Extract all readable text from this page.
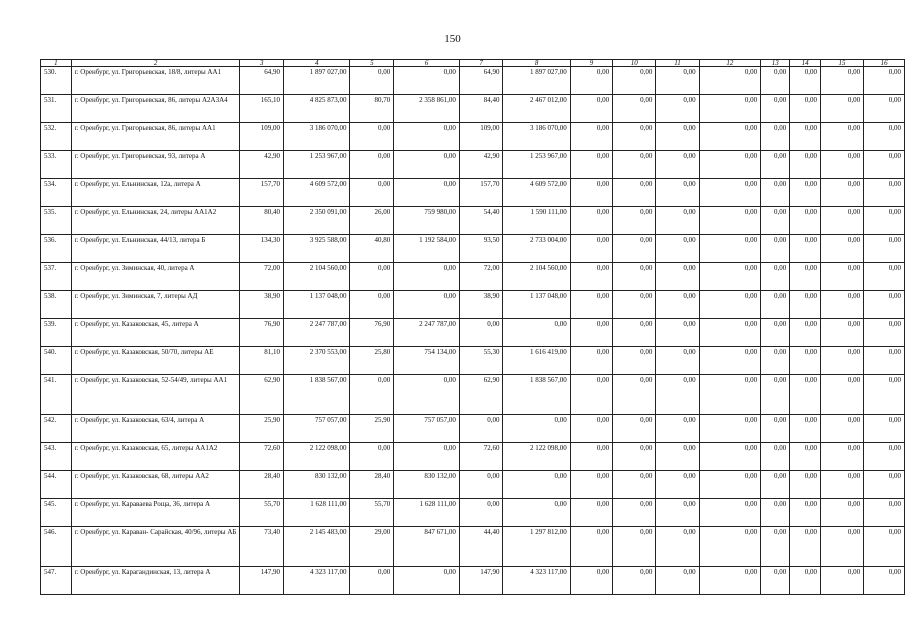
150
1	2	3	4	5	6	7	8	9	10	11	12	13	14	15	16
530.	г. Оренбург, ул. Григорьевская, 18/8, литеры АА1	64,90	1 897 027,00	0,00	0,00	64,90	1 897 027,00	0,00	0,00	0,00	0,00	0,00	0,00	0,00	0,00
531.	г. Оренбург, ул. Григорьевская, 86, литеры А2А3А4	165,10	4 825 873,00	80,70	2 358 861,00	84,40	2 467 012,00	0,00	0,00	0,00	0,00	0,00	0,00	0,00	0,00
532.	г. Оренбург, ул. Григорьевская, 86, литеры АА1	109,00	3 186 070,00	0,00	0,00	109,00	3 186 070,00	0,00	0,00	0,00	0,00	0,00	0,00	0,00	0,00
533.	г. Оренбург, ул. Григорьевская, 93, литера А	42,90	1 253 967,00	0,00	0,00	42,90	1 253 967,00	0,00	0,00	0,00	0,00	0,00	0,00	0,00	0,00
534.	г. Оренбург, ул. Ельнинская, 12а, литера А	157,70	4 609 572,00	0,00	0,00	157,70	4 609 572,00	0,00	0,00	0,00	0,00	0,00	0,00	0,00	0,00
535.	г. Оренбург, ул. Ельнинская, 24, литеры АА1А2	80,40	2 350 091,00	26,00	759 980,00	54,40	1 590 111,00	0,00	0,00	0,00	0,00	0,00	0,00	0,00	0,00
536.	г. Оренбург, ул. Ельнинская, 44/13, литера Б	134,30	3 925 588,00	40,80	1 192 584,00	93,50	2 733 004,00	0,00	0,00	0,00	0,00	0,00	0,00	0,00	0,00
537.	г. Оренбург, ул. Зиминская, 40, литера А	72,00	2 104 560,00	0,00	0,00	72,00	2 104 560,00	0,00	0,00	0,00	0,00	0,00	0,00	0,00	0,00
538.	г. Оренбург, ул. Зиминская, 7, литеры АД	38,90	1 137 048,00	0,00	0,00	38,90	1 137 048,00	0,00	0,00	0,00	0,00	0,00	0,00	0,00	0,00
539.	г. Оренбург, ул. Казаковская, 45, литера А	76,90	2 247 787,00	76,90	2 247 787,00	0,00	0,00	0,00	0,00	0,00	0,00	0,00	0,00	0,00	0,00
540.	г. Оренбург, ул. Казаковская, 50/70, литеры АЕ	81,10	2 370 553,00	25,80	754 134,00	55,30	1 616 419,00	0,00	0,00	0,00	0,00	0,00	0,00	0,00	0,00
541.	г. Оренбург, ул. Казаковская, 52-54/49, литеры АА1	62,90	1 838 567,00	0,00	0,00	62,90	1 838 567,00	0,00	0,00	0,00	0,00	0,00	0,00	0,00	0,00
542.	г. Оренбург, ул. Казаковская, 63/4, литера А	25,90	757 057,00	25,90	757 057,00	0,00	0,00	0,00	0,00	0,00	0,00	0,00	0,00	0,00	0,00
543.	г. Оренбург, ул. Казаковская, 65, литеры АА1А2	72,60	2 122 098,00	0,00	0,00	72,60	2 122 098,00	0,00	0,00	0,00	0,00	0,00	0,00	0,00	0,00
544.	г. Оренбург, ул. Казаковская, 68, литеры АА2	28,40	830 132,00	28,40	830 132,00	0,00	0,00	0,00	0,00	0,00	0,00	0,00	0,00	0,00	0,00
545.	г. Оренбург, ул. Караваева Роща, 36, литера А	55,70	1 628 111,00	55,70	1 628 111,00	0,00	0,00	0,00	0,00	0,00	0,00	0,00	0,00	0,00	0,00
546.	г. Оренбург, ул. Караван- Сарайская, 40/96, литеры АБ	73,40	2 145 483,00	29,00	847 671,00	44,40	1 297 812,00	0,00	0,00	0,00	0,00	0,00	0,00	0,00	0,00
547.	г. Оренбург, ул. Карагандинская, 13, литера А	147,90	4 323 117,00	0,00	0,00	147,90	4 323 117,00	0,00	0,00	0,00	0,00	0,00	0,00	0,00	0,00
